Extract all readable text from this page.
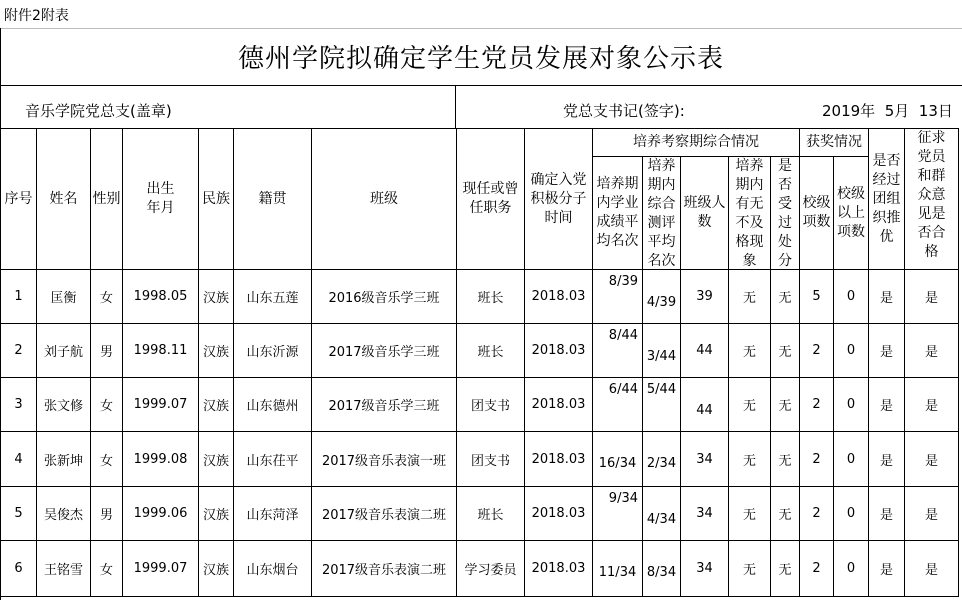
附件2附表
德州学院拟确定学生党员发展对象公示表
音乐学院党总支(盖章)	党总支书记(签字):	2019年  5月  13日
序号	姓名	性别	出生年月	民族	籍贯	班级	现任或曾任职务	确定入党积极分子时间	培养考察期综合情况					获奖情况		是否经过团组织推优	征求党员和群众意见是否合格

									培养期内学业成绩平均名次	培养期内综合测评平均名次	班级人数	培养期内有无不及格现象	是否受过处分	校级项数	校级以上项数		

1	匡衡	女	1998.05	汉族	山东五莲	2016级音乐学三班	班长	2018.03	8/39	4/39	39	无	无	5	0	是	是
2	刘子航	男	1998.11	汉族	山东沂源	2017级音乐学三班	班长	2018.03	8/44	3/44	44	无	无	2	0	是	是
3	张文修	女	1999.07	汉族	山东德州	2017级音乐学三班	团支书	2018.03	6/44	5/44	44	无	无	2	0	是	是
4	张新坤	女	1999.08	汉族	山东茌平	2017级音乐表演一班	团支书	2018.03	16/34	2/34	34	无	无	2	0	是	是
5	吴俊杰	男	1999.06	汉族	山东菏泽	2017级音乐表演二班	班长	2018.03	9/34	4/34	34	无	无	2	0	是	是
6	王铭雪	女	1999.07	汉族	山东烟台	2017级音乐表演二班	学习委员	2018.03	11/34	8/34	34	无	无	2	0	是	是
